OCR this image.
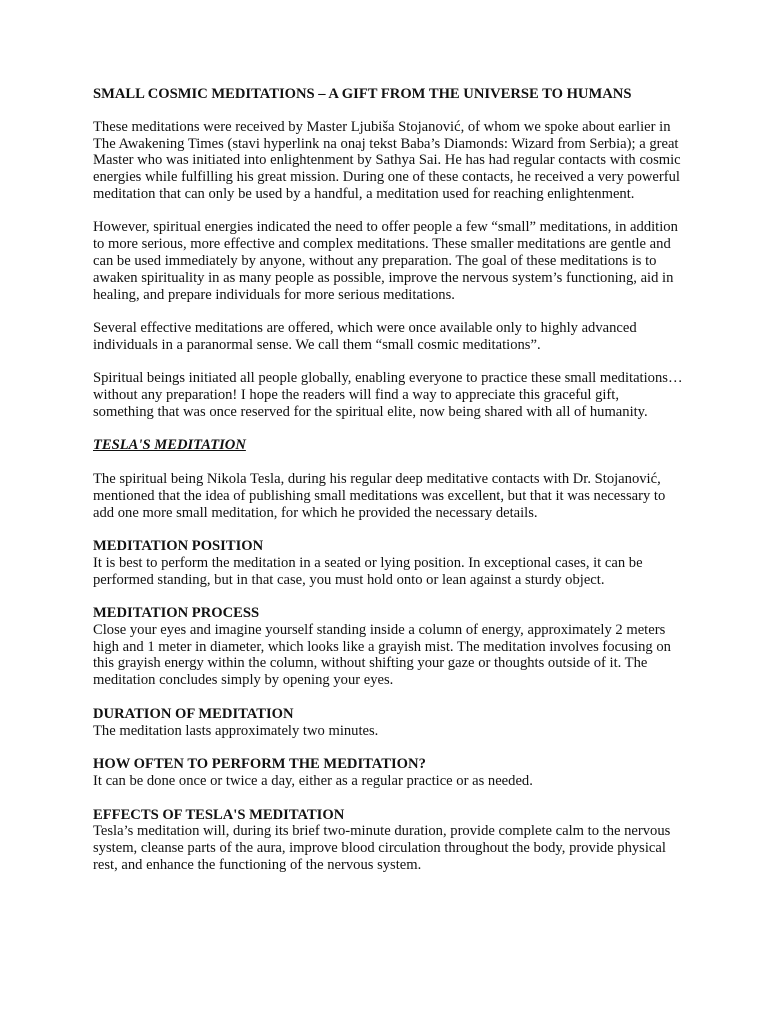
SMALL COSMIC MEDITATIONS – A GIFT FROM THE UNIVERSE TO HUMANS

These meditations were received by Master Ljubiša Stojanović, of whom we spoke about earlier in The Awakening Times (stavi hyperlink na onaj tekst Baba’s Diamonds: Wizard from Serbia); a great Master who was initiated into enlightenment by Sathya Sai. He has had regular contacts with cosmic energies while fulfilling his great mission. During one of these contacts, he received a very powerful meditation that can only be used by a handful, a meditation used for reaching enlightenment.

However, spiritual energies indicated the need to offer people a few “small” meditations, in addition to more serious, more effective and complex meditations. These smaller meditations are gentle and can be used immediately by anyone, without any preparation. The goal of these meditations is to awaken spirituality in as many people as possible, improve the nervous system’s functioning, aid in healing, and prepare individuals for more serious meditations.

Several effective meditations are offered, which were once available only to highly advanced individuals in a paranormal sense. We call them “small cosmic meditations”.

Spiritual beings initiated all people globally, enabling everyone to practice these small meditations… without any preparation! I hope the readers will find a way to appreciate this graceful gift, something that was once reserved for the spiritual elite, now being shared with all of humanity.

TESLA'S MEDITATION

The spiritual being Nikola Tesla, during his regular deep meditative contacts with Dr. Stojanović, mentioned that the idea of publishing small meditations was excellent, but that it was necessary to add one more small meditation, for which he provided the necessary details.

MEDITATION POSITION

It is best to perform the meditation in a seated or lying position. In exceptional cases, it can be performed standing, but in that case, you must hold onto or lean against a sturdy object.

MEDITATION PROCESS

Close your eyes and imagine yourself standing inside a column of energy, approximately 2 meters high and 1 meter in diameter, which looks like a grayish mist. The meditation involves focusing on this grayish energy within the column, without shifting your gaze or thoughts outside of it. The meditation concludes simply by opening your eyes.

DURATION OF MEDITATION

The meditation lasts approximately two minutes.

HOW OFTEN TO PERFORM THE MEDITATION?

It can be done once or twice a day, either as a regular practice or as needed.

EFFECTS OF TESLA'S MEDITATION

Tesla’s meditation will, during its brief two-minute duration, provide complete calm to the nervous system, cleanse parts of the aura, improve blood circulation throughout the body, provide physical rest, and enhance the functioning of the nervous system.
